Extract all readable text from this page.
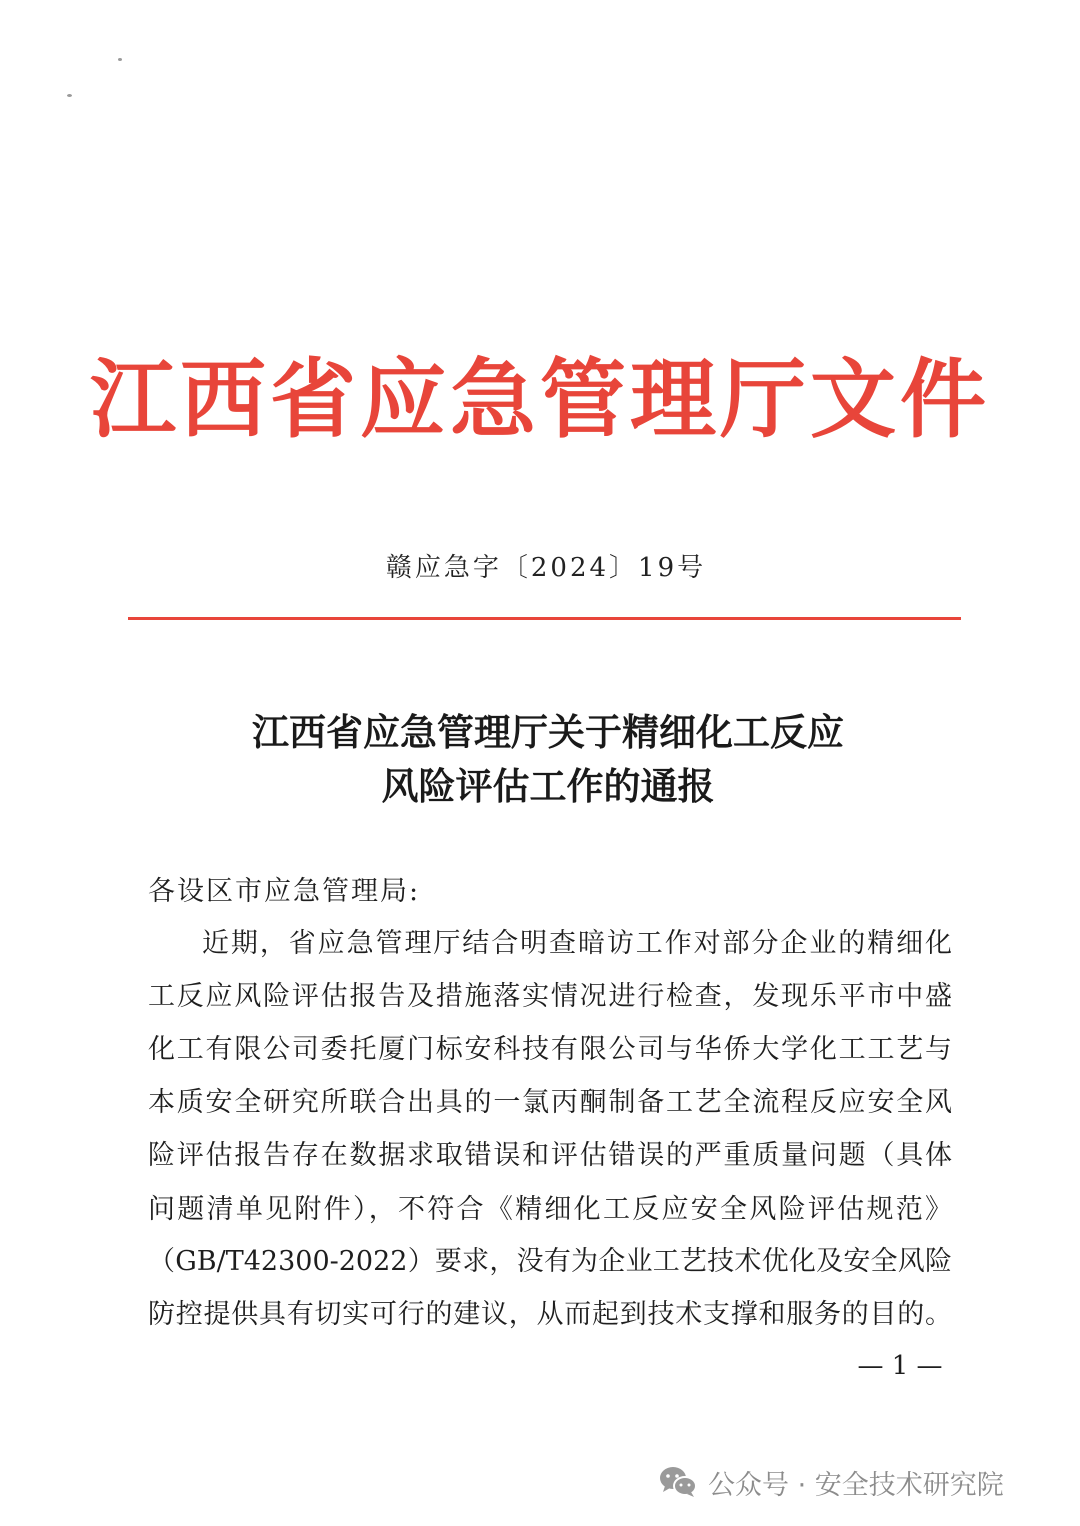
江西省应急管理厅文件
赣应急字〔2024〕19号
江西省应急管理厅关于精细化工反应
风险评估工作的通报
各设区市应急管理局:
近期，省应急管理厅结合明查暗访工作对部分企业的精细化
工反应风险评估报告及措施落实情况进行检查，发现乐平市中盛
化工有限公司委托厦门标安科技有限公司与华侨大学化工工艺与
本质安全研究所联合出具的一氯丙酮制备工艺全流程反应安全风
险评估报告存在数据求取错误和评估错误的严重质量问题（具体
问题清单见附件），不符合《精细化工反应安全风险评估规范》
（GB/T42300-2022）要求，没有为企业工艺技术优化及安全风险
防控提供具有切实可行的建议，从而起到技术支撑和服务的目的。
— 1 —
公众号 · 安全技术研究院
